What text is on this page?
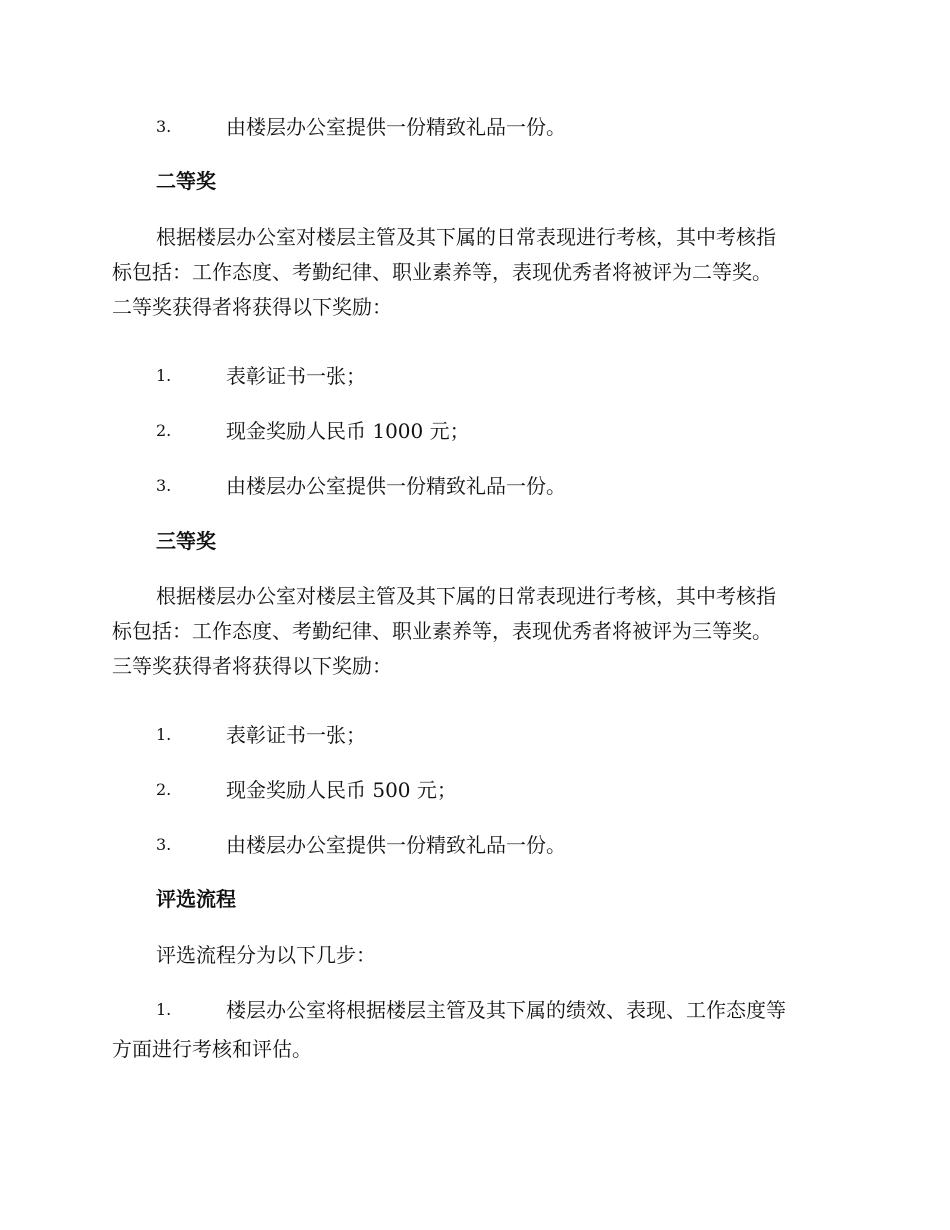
3.	由楼层办公室提供一份精致礼品一份。
二等奖
根据楼层办公室对楼层主管及其下属的日常表现进行考核，其中考核指
标包括：工作态度、考勤纪律、职业素养等，表现优秀者将被评为二等奖。
二等奖获得者将获得以下奖励：
1.	表彰证书一张；
2.	现金奖励人民币 1000 元；
3.	由楼层办公室提供一份精致礼品一份。
三等奖
根据楼层办公室对楼层主管及其下属的日常表现进行考核，其中考核指
标包括：工作态度、考勤纪律、职业素养等，表现优秀者将被评为三等奖。
三等奖获得者将获得以下奖励：
1.	表彰证书一张；
2.	现金奖励人民币 500 元；
3.	由楼层办公室提供一份精致礼品一份。
评选流程
评选流程分为以下几步：
1.	楼层办公室将根据楼层主管及其下属的绩效、表现、工作态度等
方面进行考核和评估。
